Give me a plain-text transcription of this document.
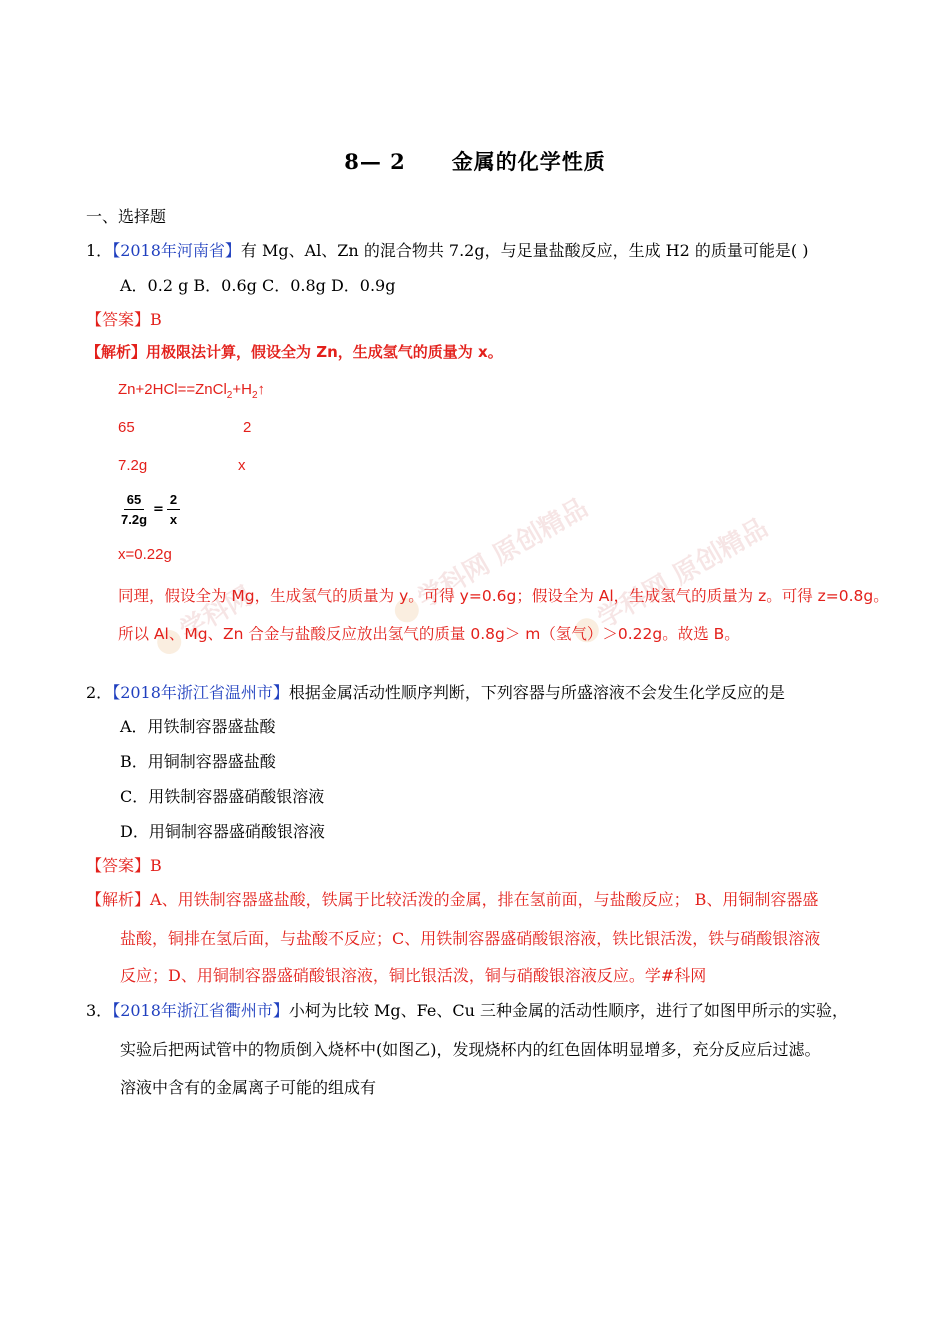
学科网 原创精品 学科网 原创精品
学科网
8— 2 金属的化学性质
一、选择题
1．【2018年河南省】有 Mg、Al、Zn 的混合物共 7.2g，与足量盐酸反应，生成 H2 的质量可能是( )
A．0.2 g B．0.6g C．0.8g D．0.9g
【答案】B
【解析】用极限法计算，假设全为 Zn，生成氢气的质量为 x。
$Zn+2HCl==ZnCl_2+H_2↑$
65	2
7.2g	x
$\frac{65}{7.2g} = \frac{2}{x}$
x=0.22g
同理，假设全为 Mg，生成氢气的质量为 y。可得 y=0.6g；假设全为 Al，生成氢气的质量为 z。可得 z=0.8g。
所以 Al、Mg、Zn 合金与盐酸反应放出氢气的质量 0.8g＞ m（氢气）＞0.22g。故选 B。
2．【2018年浙江省温州市】根据金属活动性顺序判断，下列容器与所盛溶液不会发生化学反应的是
A．用铁制容器盛盐酸
B．用铜制容器盛盐酸
C．用铁制容器盛硝酸银溶液
D．用铜制容器盛硝酸银溶液
【答案】B
【解析】A、用铁制容器盛盐酸，铁属于比较活泼的金属，排在氢前面，与盐酸反应； B、用铜制容器盛
盐酸，铜排在氢后面，与盐酸不反应；C、用铁制容器盛硝酸银溶液，铁比银活泼，铁与硝酸银溶液
反应；D、用铜制容器盛硝酸银溶液，铜比银活泼，铜与硝酸银溶液反应。学#科网
3．【2018年浙江省衢州市】小柯为比较 Mg、Fe、Cu 三种金属的活动性顺序，进行了如图甲所示的实验，
实验后把两试管中的物质倒入烧杯中(如图乙)，发现烧杯内的红色固体明显增多，充分反应后过滤。
溶液中含有的金属离子可能的组成有
